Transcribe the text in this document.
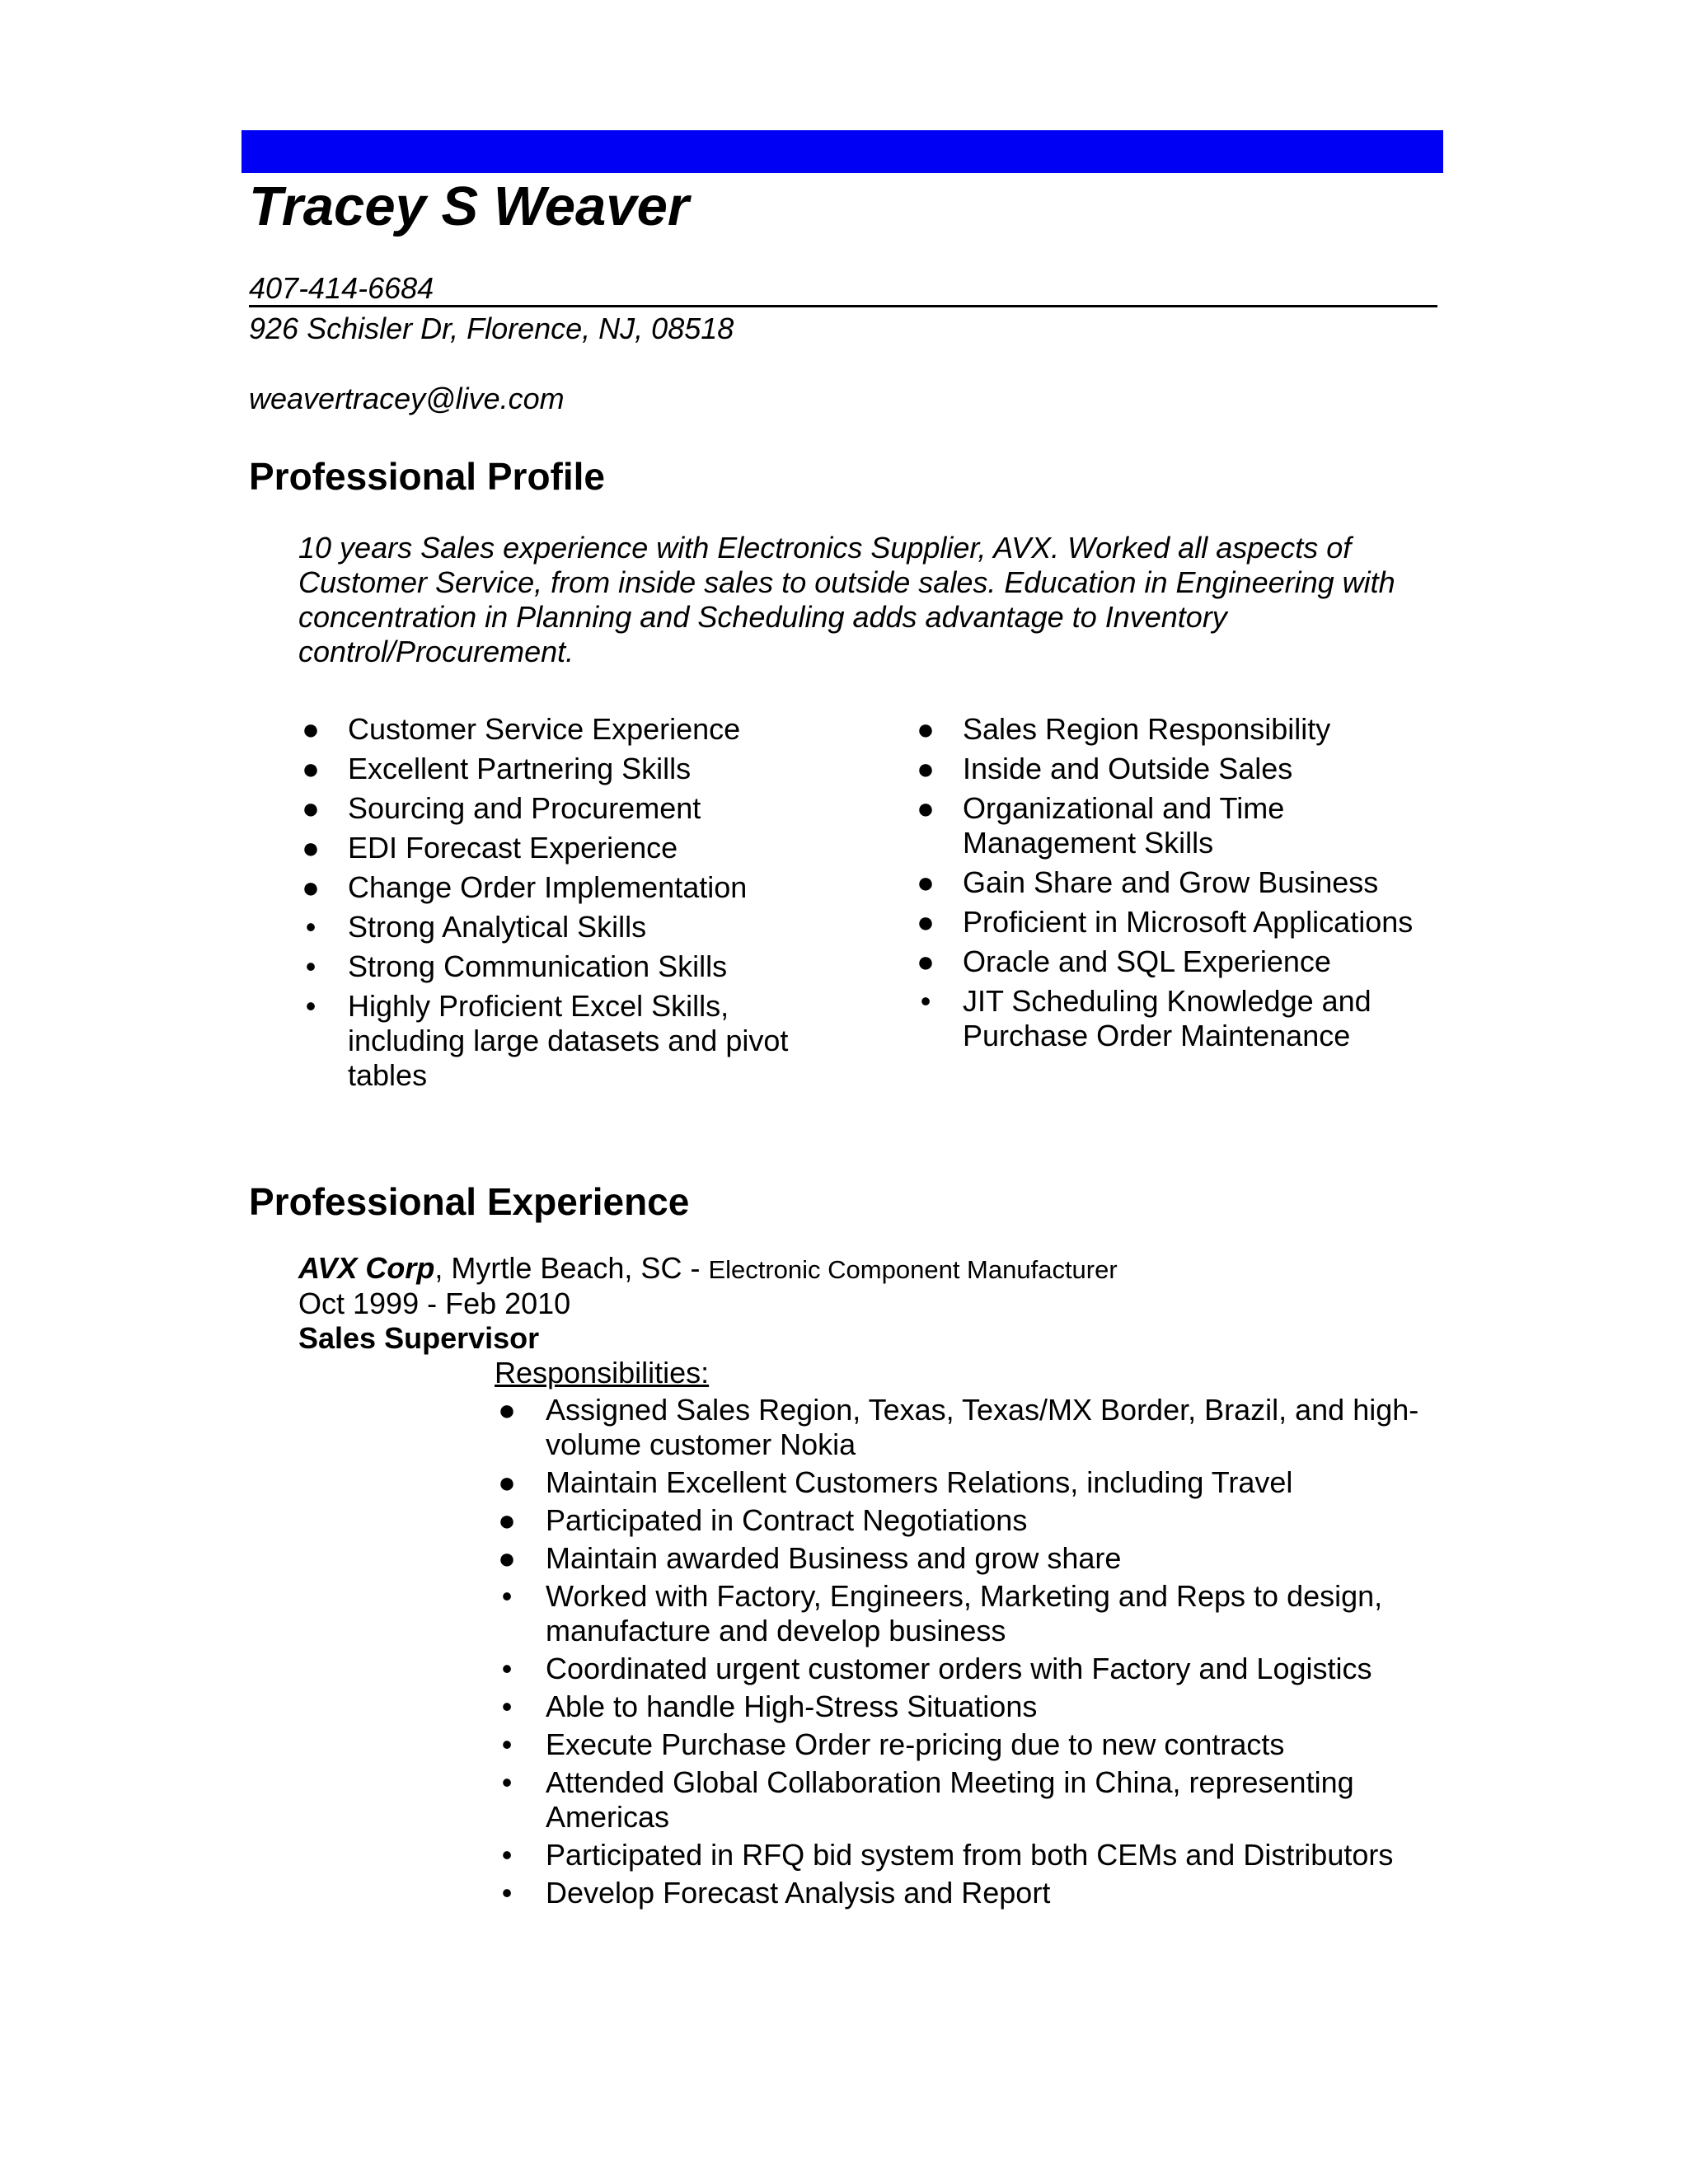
Tracey S Weaver
407-414-6684
926 Schisler Dr, Florence, NJ, 08518
weavertracey@live.com
Professional Profile
10 years Sales experience with Electronics Supplier, AVX. Worked all aspects of
Customer Service, from inside sales to outside sales. Education in Engineering with
concentration in Planning and Scheduling adds advantage to Inventory
control/Procurement.
● Customer Service Experience
● Excellent Partnering Skills
● Sourcing and Procurement
● EDI Forecast Experience
● Change Order Implementation
• Strong Analytical Skills
• Strong Communication Skills
• Highly Proficient Excel Skills, including large datasets and pivot tables
● Sales Region Responsibility
● Inside and Outside Sales
● Organizational and Time Management Skills
● Gain Share and Grow Business
● Proficient in Microsoft Applications
● Oracle and SQL Experience
• JIT Scheduling Knowledge and Purchase Order Maintenance
Professional Experience
AVX Corp, Myrtle Beach, SC - Electronic Component Manufacturer
Oct 1999 - Feb 2010
Sales Supervisor
Responsibilities:
● Assigned Sales Region, Texas, Texas/MX Border, Brazil, and high-volume customer Nokia
● Maintain Excellent Customers Relations, including Travel
● Participated in Contract Negotiations
● Maintain awarded Business and grow share
• Worked with Factory, Engineers, Marketing and Reps to design, manufacture and develop business
• Coordinated urgent customer orders with Factory and Logistics
• Able to handle High-Stress Situations
• Execute Purchase Order re-pricing due to new contracts
• Attended Global Collaboration Meeting in China, representing Americas
• Participated in RFQ bid system from both CEMs and Distributors
• Develop Forecast Analysis and Report
